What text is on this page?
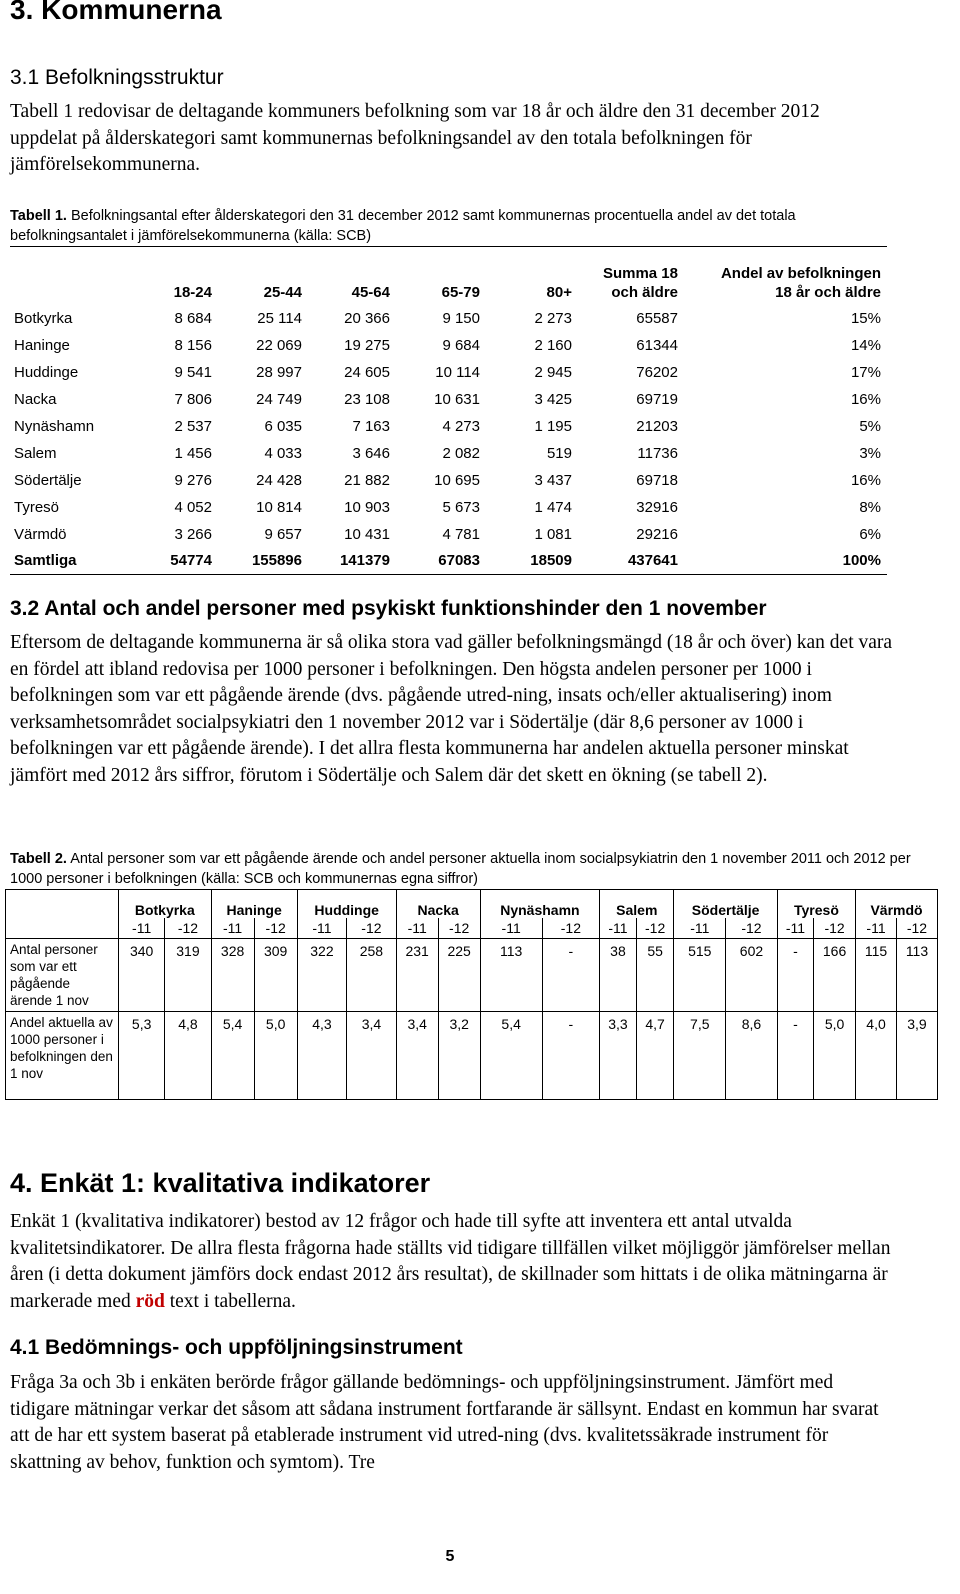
3. Kommunerna
3.1 Befolkningsstruktur

Tabell 1 redovisar de deltagande kommuners befolkning som var 18 år och äldre den 31 december 2012 uppdelat på ålderskategori samt kommunernas befolkningsandel av den totala befolkningen för jämförelsekommunerna.

Tabell 1. Befolkningsantal efter ålderskategori den 31 december 2012 samt kommunernas procentuella andel av det totala befolkningsantalet i jämförelsekommunerna (källa: SCB)

	18-24	25-44	45-64	65-79	80+	Summa 18
och äldre	Andel av befolkningen
18 år och äldre
Botkyrka	8 684	25 114	20 366	9 150	2 273	65587	15%
Haninge	8 156	22 069	19 275	9 684	2 160	61344	14%
Huddinge	9 541	28 997	24 605	10 114	2 945	76202	17%
Nacka	7 806	24 749	23 108	10 631	3 425	69719	16%
Nynäshamn	2 537	6 035	7 163	4 273	1 195	21203	5%
Salem	1 456	4 033	3 646	2 082	519	11736	3%
Södertälje	9 276	24 428	21 882	10 695	3 437	69718	16%
Tyresö	4 052	10 814	10 903	5 673	1 474	32916	8%
Värmdö	3 266	9 657	10 431	4 781	1 081	29216	6%
Samtliga	54774	155896	141379	67083	18509	437641	100%
3.2 Antal och andel personer med psykiskt funktionshinder den 1 november

Eftersom de deltagande kommunerna är så olika stora vad gäller befolkningsmängd (18 år och över) kan det vara en fördel att ibland redovisa per 1000 personer i befolkningen. Den högsta andelen personer per 1000 i befolkningen som var ett pågående ärende (dvs. pågående utred-ning, insats och/eller aktualisering) inom verksamhetsområdet socialpsykiatri den 1 november 2012 var i Södertälje (där 8,6 personer av 1000 i befolkningen var ett pågående ärende). I det allra flesta kommunerna har andelen aktuella personer minskat jämfört med 2012 års siffror, förutom i Södertälje och Salem där det skett en ökning (se tabell 2).

Tabell 2. Antal personer som var ett pågående ärende och andel personer aktuella inom socialpsykiatrin den 1 november 2011 och 2012 per 1000 personer i befolkningen (källa: SCB och kommunernas egna siffror)

	Botkyrka		Haninge		Huddinge		Nacka		Nynäshamn		Salem		Södertälje		Tyresö		Värmdö	
	-11	-12	-11	-12	-11	-12	-11	-12	-11	-12	-11	-12	-11	-12	-11	-12	-11	-12
Antal personer som var ett pågående ärende 1 nov	340	319	328	309	322	258	231	225	113	-	38	55	515	602	-	166	115	113
Andel aktuella av 1000 personer i befolkningen den 1 nov	5,3	4,8	5,4	5,0	4,3	3,4	3,4	3,2	5,4	-	3,3	4,7	7,5	8,6	-	5,0	4,0	3,9
4. Enkät 1: kvalitativa indikatorer

Enkät 1 (kvalitativa indikatorer) bestod av 12 frågor och hade till syfte att inventera ett antal utvalda kvalitetsindikatorer. De allra flesta frågorna hade ställts vid tidigare tillfällen vilket möjliggör jämförelser mellan åren (i detta dokument jämförs dock endast 2012 års resultat), de skillnader som hittats i de olika mätningarna är markerade med röd text i tabellerna.

4.1 Bedömnings- och uppföljningsinstrument

Fråga 3a och 3b i enkäten berörde frågor gällande bedömnings- och uppföljningsinstrument. Jämfört med tidigare mätningar verkar det såsom att sådana instrument fortfarande är sällsynt. Endast en kommun har svarat att de har ett system baserat på etablerade instrument vid utred-ning (dvs. kvalitetssäkrade instrument för skattning av behov, funktion och symtom). Tre

5
